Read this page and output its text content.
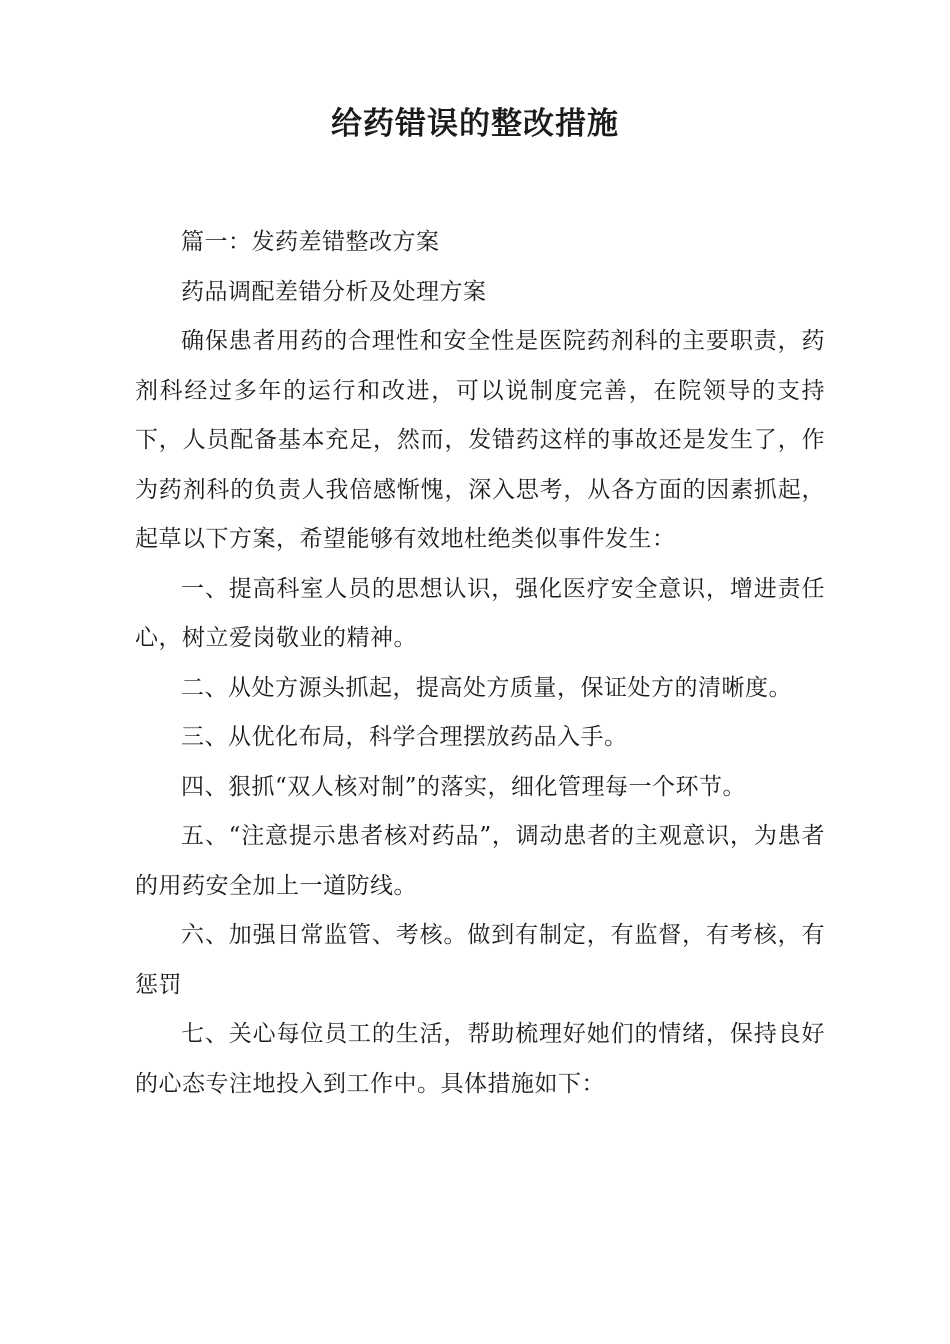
给药错误的整改措施

篇一：发药差错整改方案

药品调配差错分析及处理方案

确保患者用药的合理性和安全性是医院药剂科的主要职责，药剂科经过多年的运行和改进，可以说制度完善，在院领导的支持下，人员配备基本充足，然而，发错药这样的事故还是发生了，作为药剂科的负责人我倍感惭愧，深入思考，从各方面的因素抓起，起草以下方案，希望能够有效地杜绝类似事件发生：

一、提高科室人员的思想认识，强化医疗安全意识，增进责任心，树立爱岗敬业的精神。

二、从处方源头抓起，提高处方质量，保证处方的清晰度。

三、从优化布局，科学合理摆放药品入手。

四、狠抓“双人核对制”的落实，细化管理每一个环节。

五、“注意提示患者核对药品”，调动患者的主观意识，为患者的用药安全加上一道防线。

六、加强日常监管、考核。做到有制定，有监督，有考核，有惩罚

七、关心每位员工的生活，帮助梳理好她们的情绪，保持良好的心态专注地投入到工作中。具体措施如下：
